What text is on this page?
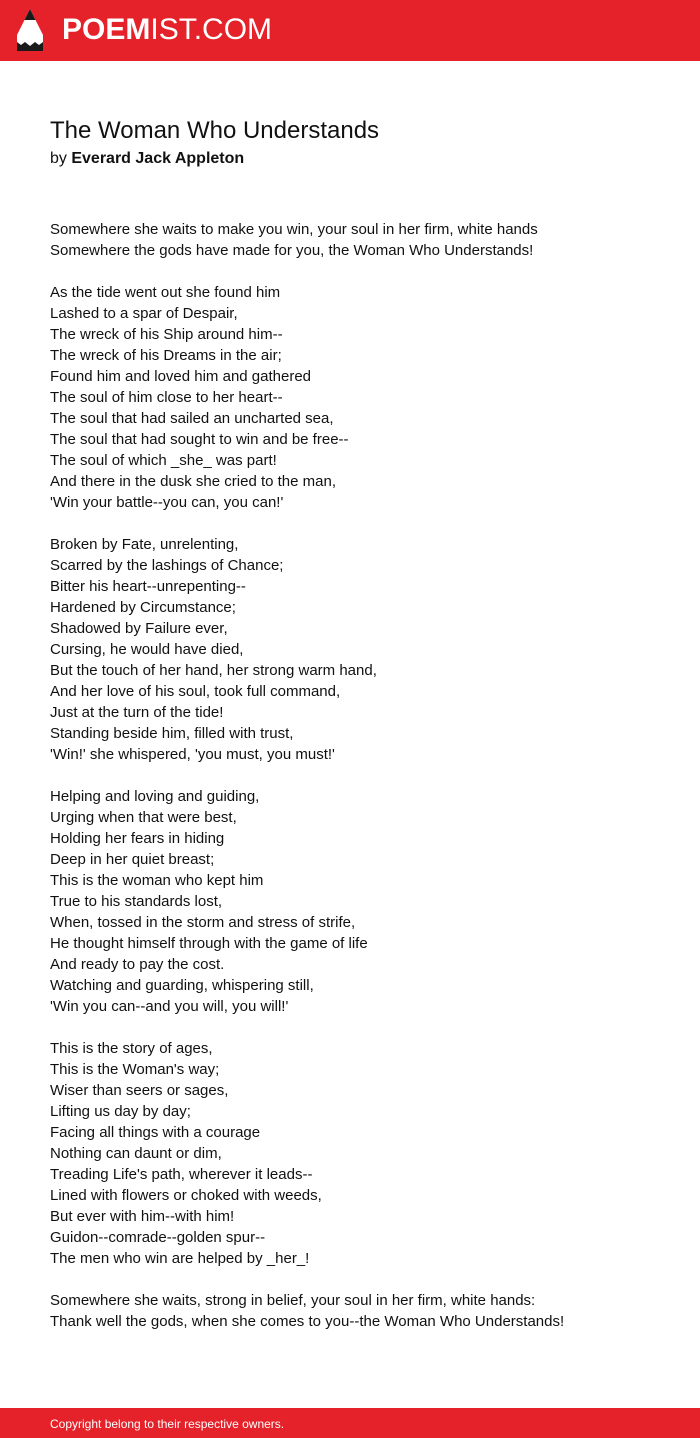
POEMIST.COM
The Woman Who Understands
by Everard Jack Appleton
Somewhere she waits to make you win, your soul in her firm, white hands
Somewhere the gods have made for you, the Woman Who Understands!
As the tide went out she found him
Lashed to a spar of Despair,
The wreck of his Ship around him--
The wreck of his Dreams in the air;
Found him and loved him and gathered
The soul of him close to her heart--
The soul that had sailed an uncharted sea,
The soul that had sought to win and be free--
The soul of which _she_ was part!
And there in the dusk she cried to the man,
'Win your battle--you can, you can!'
Broken by Fate, unrelenting,
Scarred by the lashings of Chance;
Bitter his heart--unrepenting--
Hardened by Circumstance;
Shadowed by Failure ever,
Cursing, he would have died,
But the touch of her hand, her strong warm hand,
And her love of his soul, took full command,
Just at the turn of the tide!
Standing beside him, filled with trust,
'Win!' she whispered, 'you must, you must!'
Helping and loving and guiding,
Urging when that were best,
Holding her fears in hiding
Deep in her quiet breast;
This is the woman who kept him
True to his standards lost,
When, tossed in the storm and stress of strife,
He thought himself through with the game of life
And ready to pay the cost.
Watching and guarding, whispering still,
'Win you can--and you will, you will!'
This is the story of ages,
This is the Woman's way;
Wiser than seers or sages,
Lifting us day by day;
Facing all things with a courage
Nothing can daunt or dim,
Treading Life's path, wherever it leads--
Lined with flowers or choked with weeds,
But ever with him--with him!
Guidon--comrade--golden spur--
The men who win are helped by _her_!
Somewhere she waits, strong in belief, your soul in her firm, white hands:
Thank well the gods, when she comes to you--the Woman Who Understands!
Copyright belong to their respective owners.
